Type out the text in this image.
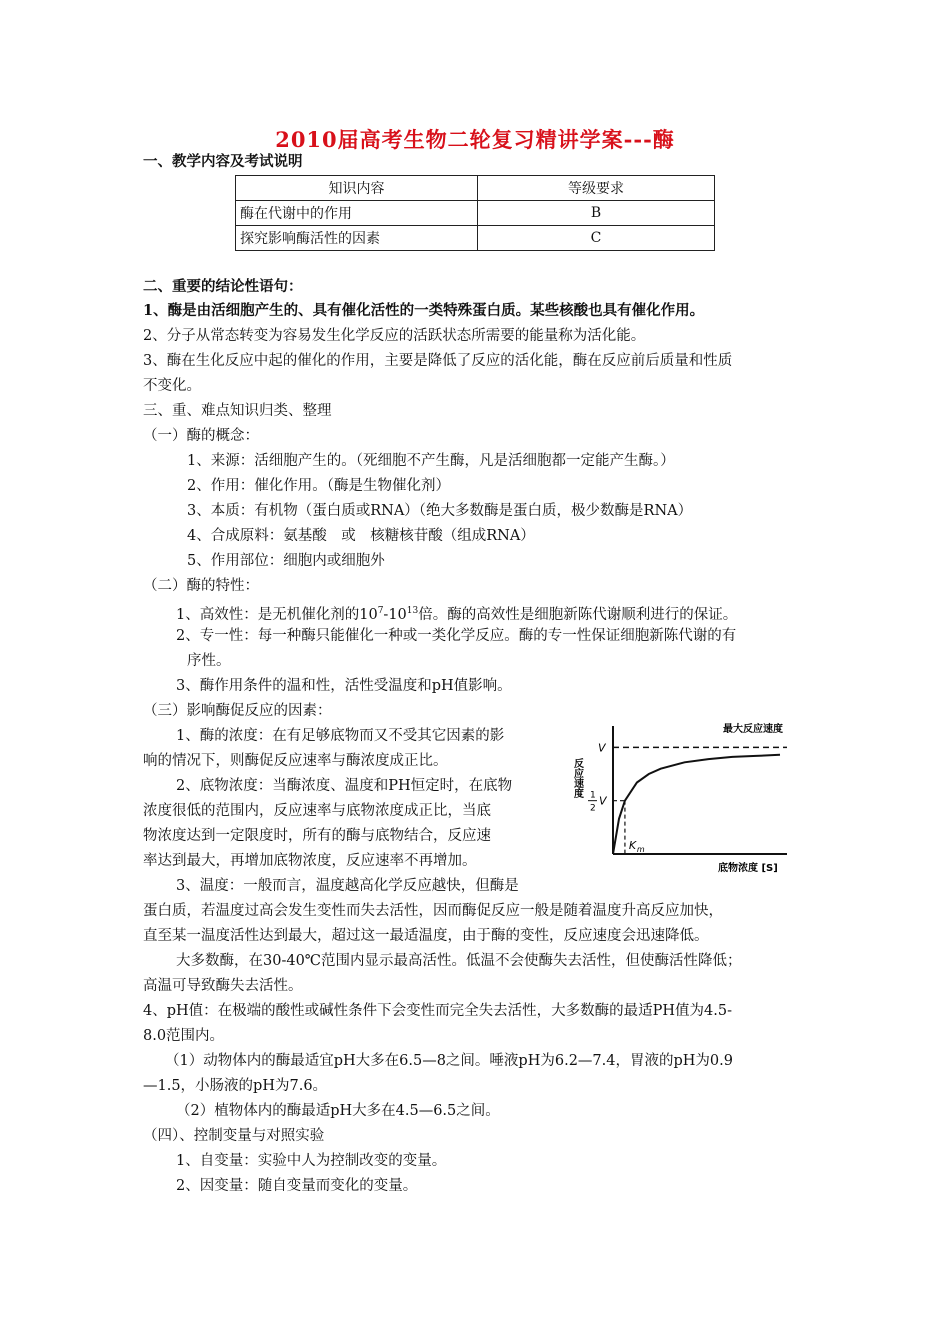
2010届高考生物二轮复习精讲学案---酶
一、教学内容及考试说明
知识内容	等级要求
酶在代谢中的作用	B
探究影响酶活性的因素	C
二、重要的结论性语句：
1、酶是由活细胞产生的、具有催化活性的一类特殊蛋白质。某些核酸也具有催化作用。
2、分子从常态转变为容易发生化学反应的活跃状态所需要的能量称为活化能。
3、酶在生化反应中起的催化的作用，主要是降低了反应的活化能，酶在反应前后质量和性质
不变化。
三、重、难点知识归类、整理
（一）酶的概念：
1、来源：活细胞产生的。（死细胞不产生酶，凡是活细胞都一定能产生酶。）
2、作用：催化作用。（酶是生物催化剂）
3、本质：有机物（蛋白质或RNA）（绝大多数酶是蛋白质，极少数酶是RNA）
4、合成原料：氨基酸　或　核糖核苷酸（组成RNA）
5、作用部位：细胞内或细胞外
（二）酶的特性：
1、高效性：是无机催化剂的$10^7-10^{13}$倍。酶的高效性是细胞新陈代谢顺利进行的保证。
2、专一性：每一种酶只能催化一种或一类化学反应。酶的专一性保证细胞新陈代谢的有
序性。
3、酶作用条件的温和性，活性受温度和pH值影响。
（三）影响酶促反应的因素：
1、酶的浓度：在有足够底物而又不受其它因素的影
响的情况下，则酶促反应速率与酶浓度成正比。
2、底物浓度：当酶浓度、温度和PH恒定时，在底物
浓度很低的范围内，反应速率与底物浓度成正比，当底
物浓度达到一定限度时，所有的酶与底物结合，反应速
率达到最大，再增加底物浓度，反应速率不再增加。
3、温度：一般而言，温度越高化学反应越快，但酶是
蛋白质，若温度过高会发生变性而失去活性，因而酶促反应一般是随着温度升高反应加快，
直至某一温度活性达到最大，超过这一最适温度，由于酶的变性，反应速度会迅速降低。
大多数酶，在30-40℃范围内显示最高活性。低温不会使酶失去活性，但使酶活性降低；
高温可导致酶失去活性。
4、pH值：在极端的酸性或碱性条件下会变性而完全失去活性，大多数酶的最适PH值为4.5-
8.0范围内。
（1）动物体内的酶最适宜pH大多在6.5—8之间。唾液pH为6.2—7.4，胃液的pH为0.9
—1.5，小肠液的pH为7.6。
（2）植物体内的酶最适pH大多在4.5—6.5之间。
（四）、控制变量与对照实验
1、自变量：实验中人为控制改变的变量。
2、因变量：随自变量而变化的变量。
最大反应速度
V
1
2
V
K m
底物浓度 [S]
反应速度
